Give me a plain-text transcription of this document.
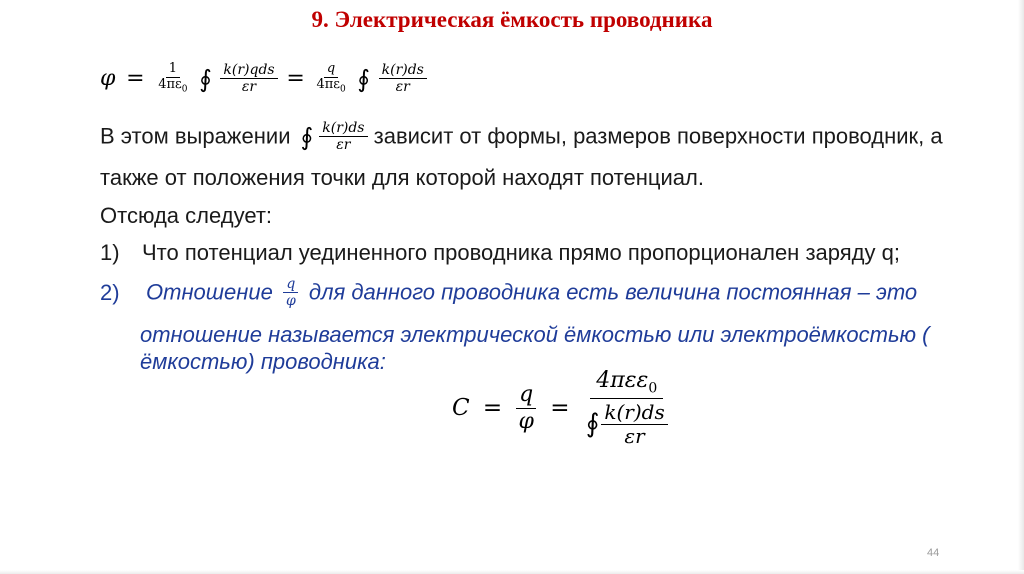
9. Электрическая ёмкость проводника
$\varphi = \frac{1}{4\pi\varepsilon_0}$ ∮ $\frac{\text{k(r)qds}}{\varepsilon r} = \frac{q}{4\pi\varepsilon_0}$ ∮ $\frac{k(r)ds}{\varepsilon r}$
В этом выражении ∮ $\frac{k(r)ds}{\varepsilon r}$ зависит от формы, размеров поверхности проводник, а
также от положения точки для которой находят потенциал.
Отсюда следует:
1) Что потенциал уединенного проводника прямо пропорционален заряду q;
2) Отношение $\frac{q}{\varphi}$ для данного проводника есть величина постоянная – это
отношение называется электрической ёмкостью или электроёмкостью (
ёмкостью) проводника:
$C = \frac{q}{\varphi} = \frac{4\pi\varepsilon\varepsilon_0}{∮ \frac{k(r)ds}{\varepsilon r}}$
44
